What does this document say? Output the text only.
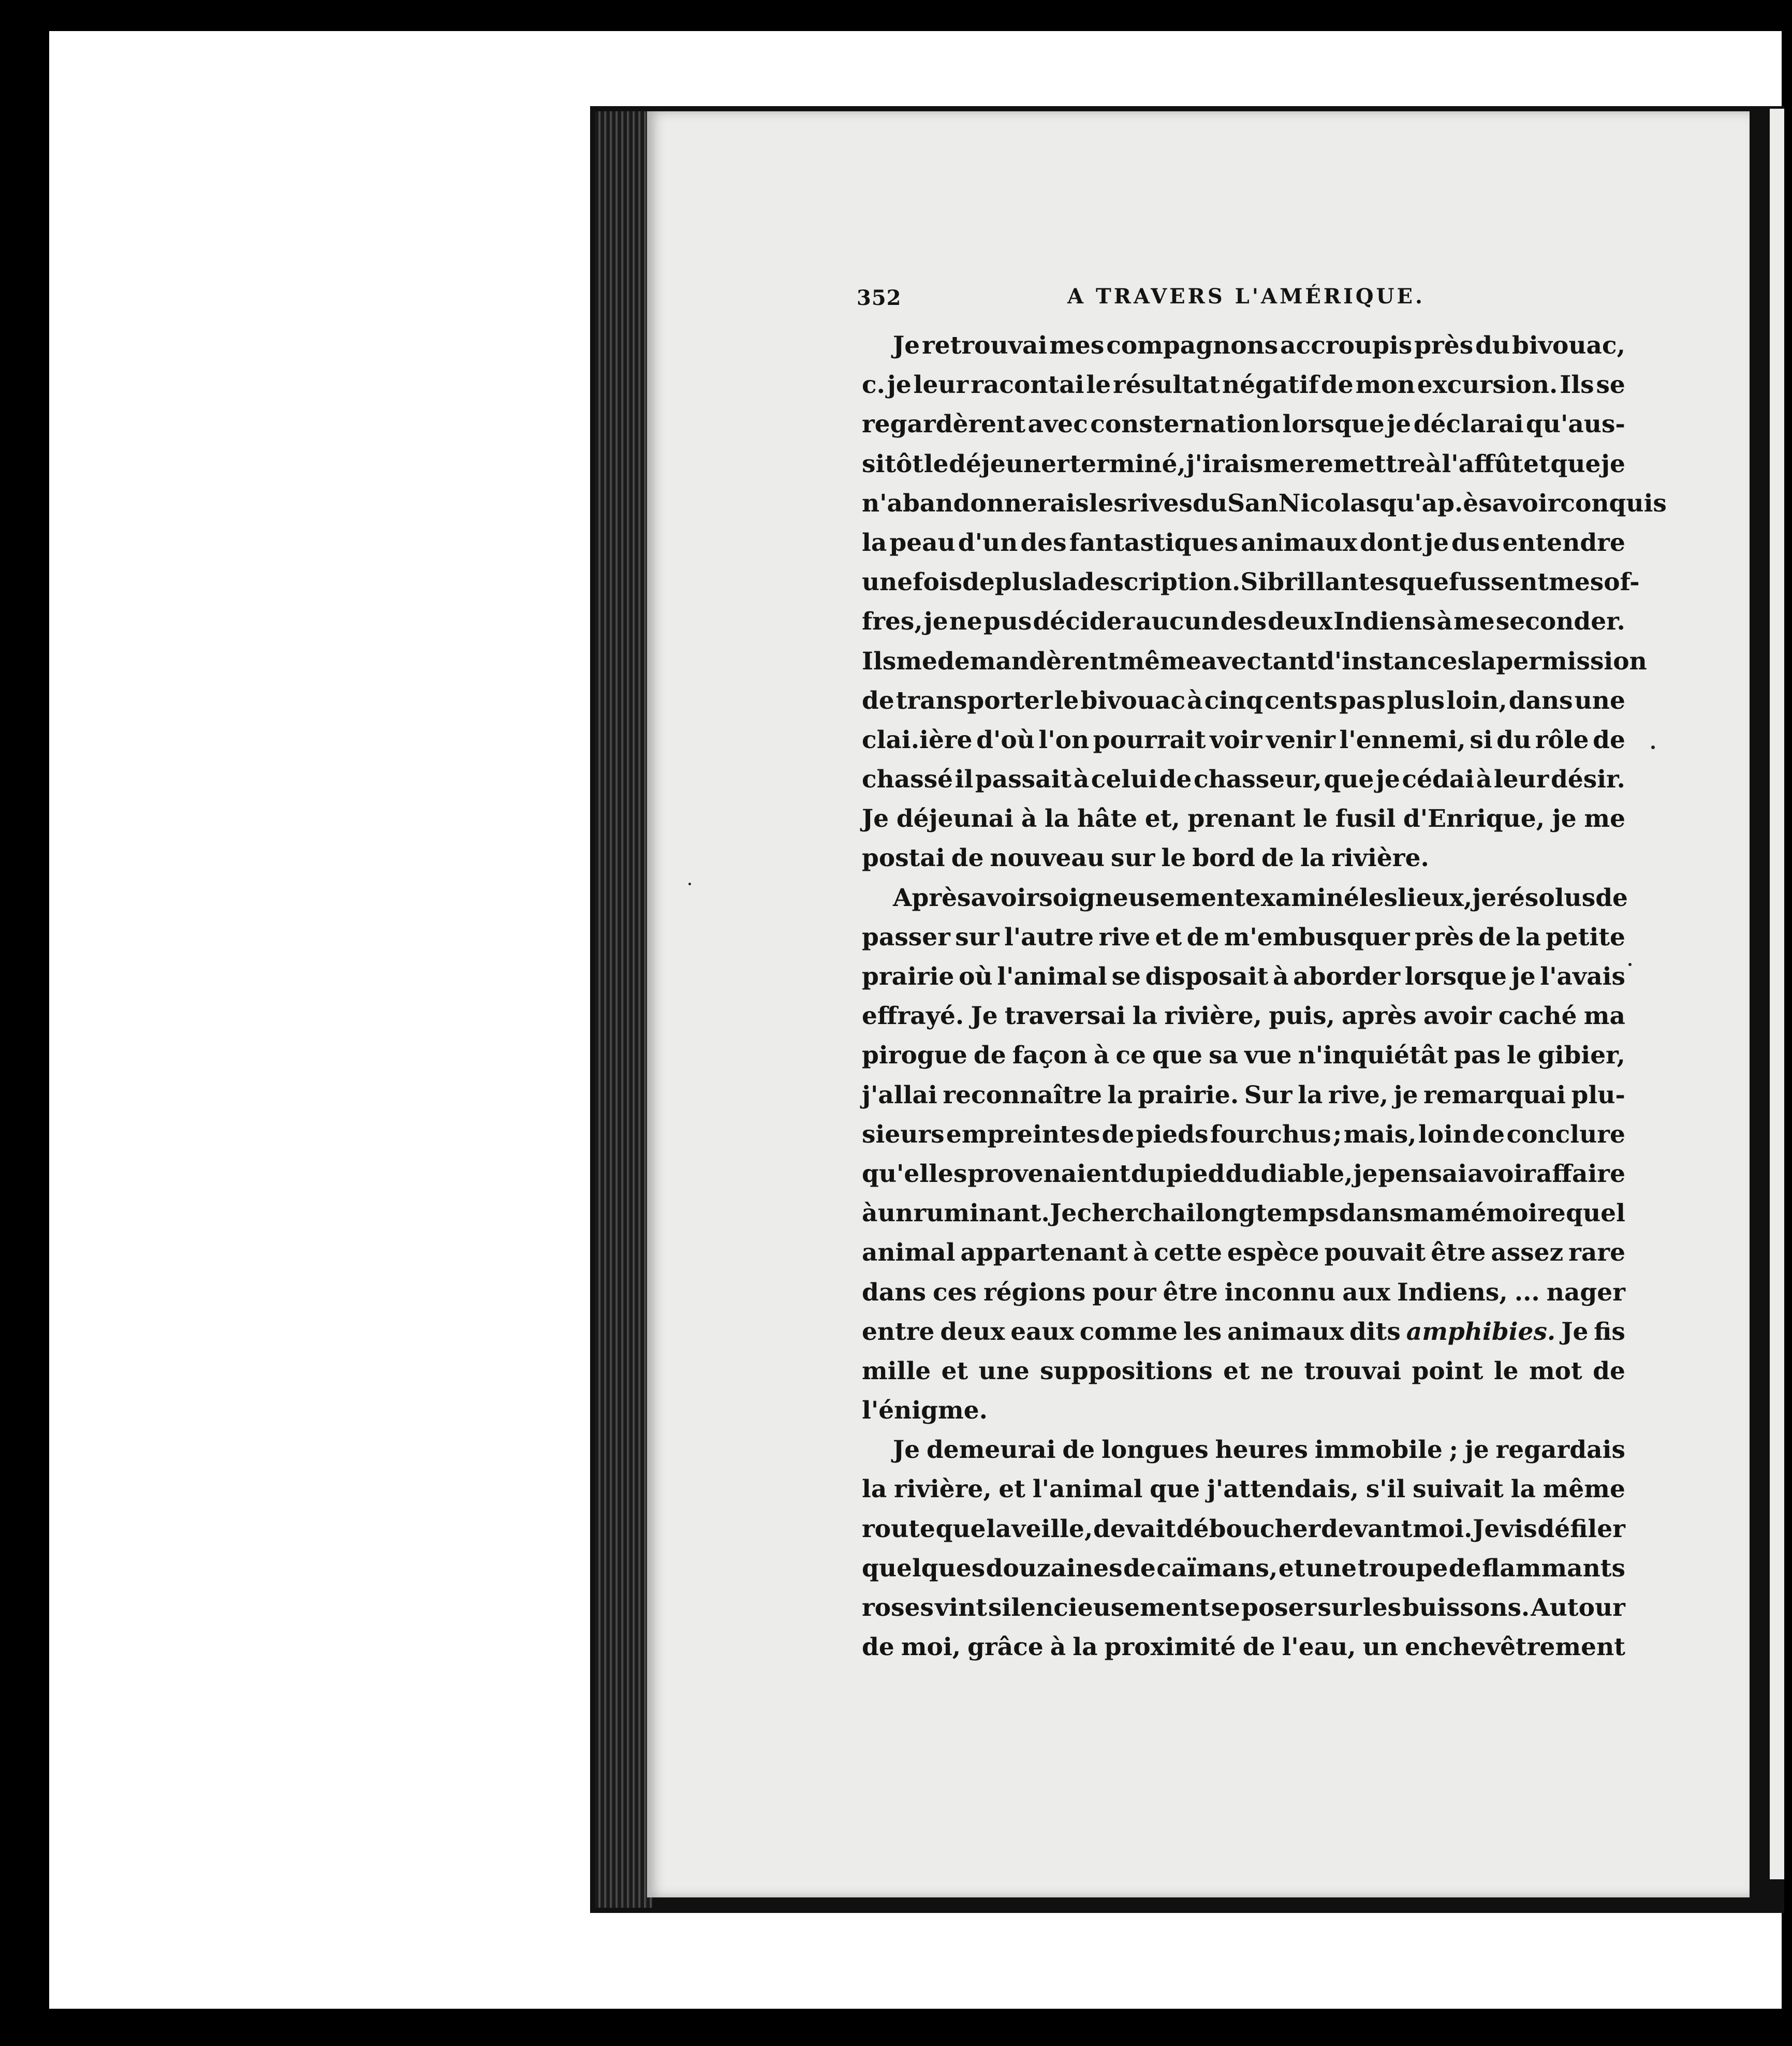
352	A TRAVERS L'AMÉRIQUE.
Je retrouvai mes compagnons accroupis près du bivouac,
c. je leur racontai le résultat négatif de mon excursion. Ils se
regardèrent avec consternation lorsque je déclarai qu'aus-
sitôt le déjeuner terminé, j'irais me remettre à l'affût et que je
n'abandonnerais les rives du San Nicolas qu'ap.ès avoir conquis
la peau d'un des fantastiques animaux dont je dus entendre
une fois de plus la description. Si brillantes que fussent mes of-
fres, je ne pus décider aucun des deux Indiens à me seconder.
Ils me demandèrent même avec tant d'instances la permission
de transporter le bivouac à cinq cents pas plus loin, dans une
clai.ière d'où l'on pourrait voir venir l'ennemi, si du rôle de
chassé il passait à celui de chasseur, que je cédai à leur désir.
Je déjeunai à la hâte et, prenant le fusil d'Enrique, je me
postai de nouveau sur le bord de la rivière.
Après avoir soigneusement examiné les lieux, je résolus de
passer sur l'autre rive et de m'embusquer près de la petite
prairie où l'animal se disposait à aborder lorsque je l'avais
effrayé. Je traversai la rivière, puis, après avoir caché ma
pirogue de façon à ce que sa vue n'inquiétât pas le gibier,
j'allai reconnaître la prairie. Sur la rive, je remarquai plu-
sieurs empreintes de pieds fourchus ; mais, loin de conclure
qu'elles provenaient du pied du diable, je pensai avoir affaire
à un ruminant. Je cherchai longtemps dans ma mémoire quel
animal appartenant à cette espèce pouvait être assez rare
dans ces régions pour être inconnu aux Indiens, ... nager
entre deux eaux comme les animaux dits amphibies. Je fis
mille et une suppositions et ne trouvai point le mot de
l'énigme.
Je demeurai de longues heures immobile ; je regardais
la rivière, et l'animal que j'attendais, s'il suivait la même
route que la veille, devait déboucher devant moi. Je vis défiler
quelques douzaines de caïmans, et une troupe de flammants
roses vint silencieusement se poser sur les buissons. Autour
de moi, grâce à la proximité de l'eau, un enchevêtrement
